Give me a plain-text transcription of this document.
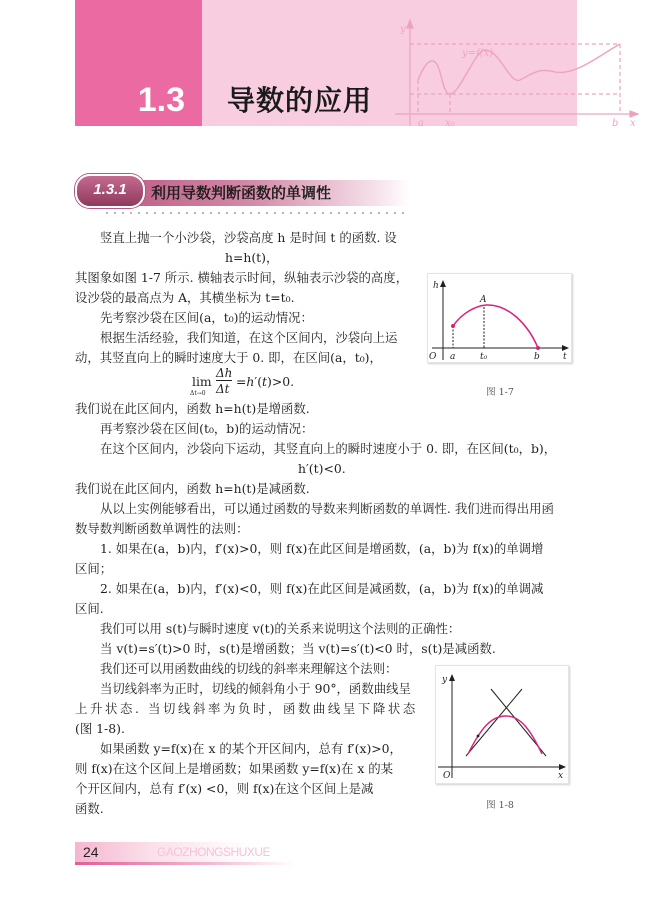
1.3 导数的应用
y
y=f(x)
a x₀	b x
1.3.1	利用导数判断函数的单调性
竖直上抛一个小沙袋，沙袋高度 h 是时间 t 的函数. 设
h=h(t)，
其图象如图 1-7 所示. 横轴表示时间，纵轴表示沙袋的高度，
设沙袋的最高点为 A，其横坐标为 t=t₀.
先考察沙袋在区间(a，t₀)的运动情况：
根据生活经验，我们知道，在这个区间内，沙袋向上运
动，其竖直向上的瞬时速度大于 0. 即，在区间(a，t₀)，
lim
Δt→0
Δh
Δt =h′(t)>0.
我们说在此区间内，函数 h=h(t)是增函数.
再考察沙袋在区间(t₀，b)的运动情况：
在这个区间内，沙袋向下运动，其竖直向上的瞬时速度小于 0. 即，在区间(t₀，b)，
h′(t)<0.
我们说在此区间内，函数 h=h(t)是减函数.
从以上实例能够看出，可以通过函数的导数来判断函数的单调性. 我们进而得出用函
数导数判断函数单调性的法则：
1. 如果在(a，b)内，f′(x)>0，则 f(x)在此区间是增函数，(a，b)为 f(x)的单调增
区间；
2. 如果在(a，b)内，f′(x)<0，则 f(x)在此区间是减函数，(a，b)为 f(x)的单调减
区间.
我们可以用 s(t)与瞬时速度 v(t)的关系来说明这个法则的正确性：
当 v(t)=s′(t)>0 时，s(t)是增函数；当 v(t)=s′(t)<0 时，s(t)是减函数.
我们还可以用函数曲线的切线的斜率来理解这个法则：
当切线斜率为正时，切线的倾斜角小于 90°，函数曲线呈
上升状态. 当切线斜率为负时，函数曲线呈下降状态
(图 1-8).
如果函数 y=f(x)在 x 的某个开区间内，总有 f′(x)>0，
则 f(x)在这个区间上是增函数；如果函数 y=f(x)在 x 的某
个开区间内，总有 f′(x) <0，则 f(x)在这个区间上是减
函数.
h
O a	t₀	b	t
A
图 1-7
y
O	x
图 1-8
24	GAOZHONGSHUXUE
